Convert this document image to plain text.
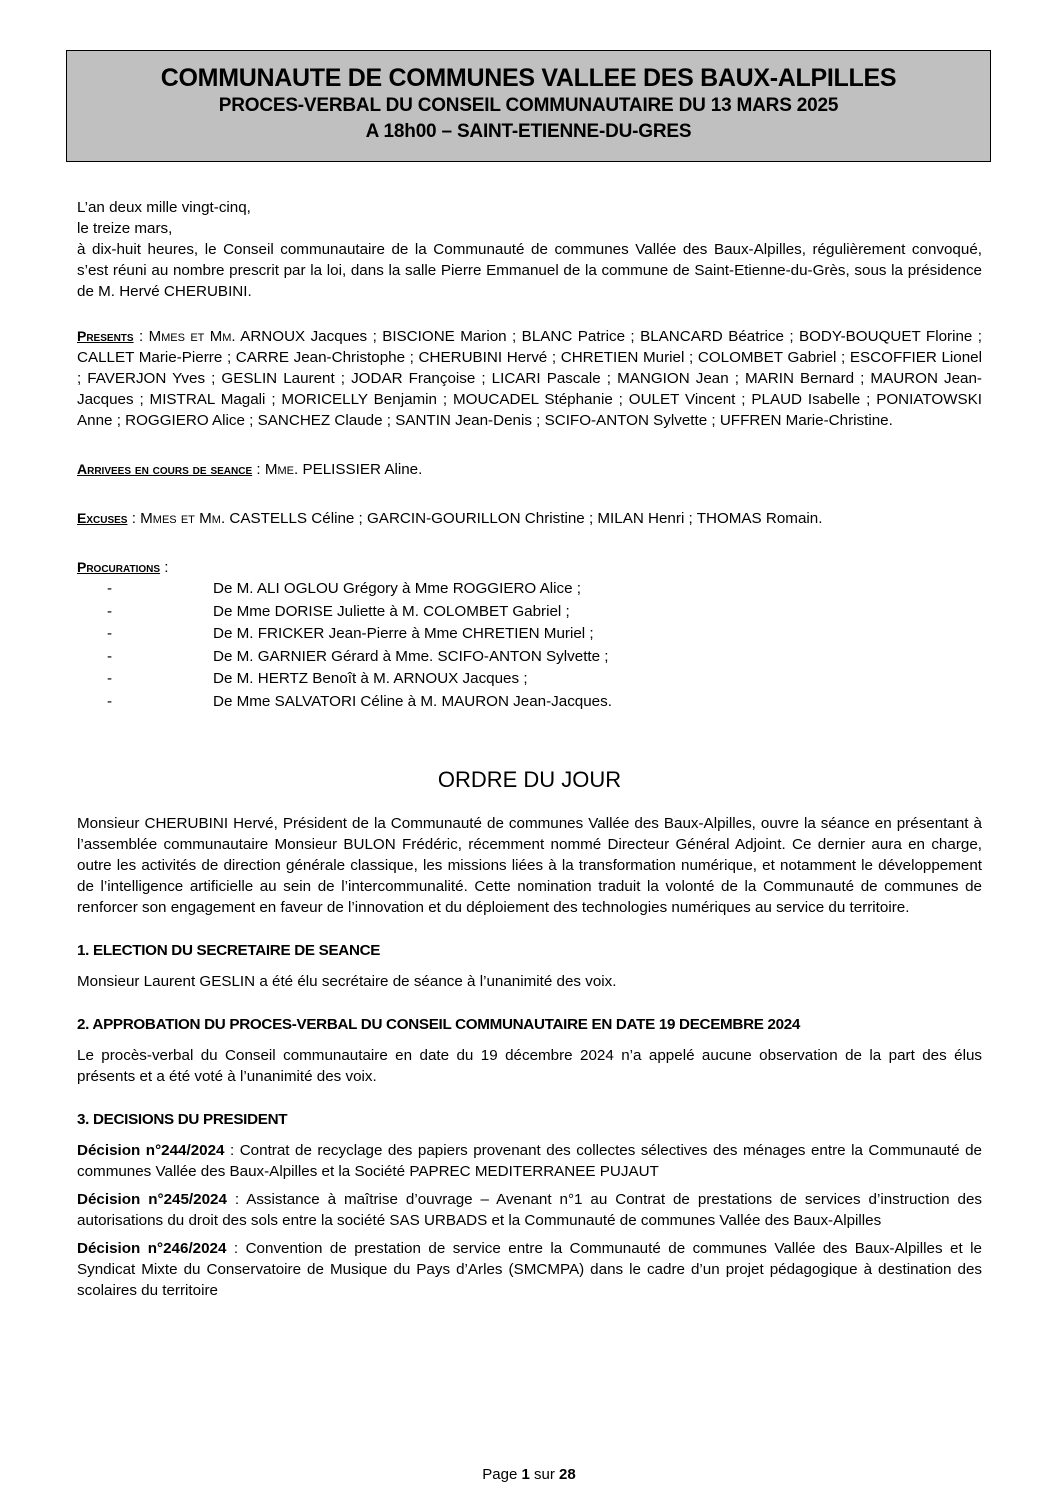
COMMUNAUTE DE COMMUNES VALLEE DES BAUX-ALPILLES
PROCES-VERBAL DU CONSEIL COMMUNAUTAIRE DU 13 MARS 2025
A 18h00 – SAINT-ETIENNE-DU-GRES

L’an deux mille vingt-cinq,

le treize mars,

à dix-huit heures, le Conseil communautaire de la Communauté de communes Vallée des Baux-Alpilles, régulièrement convoqué, s’est réuni au nombre prescrit par la loi, dans la salle Pierre Emmanuel de la commune de Saint-Etienne-du-Grès, sous la présidence de M. Hervé CHERUBINI.

Presents : Mmes et Mm. ARNOUX Jacques ; BISCIONE Marion ; BLANC Patrice ; BLANCARD Béatrice ; BODY-BOUQUET Florine ; CALLET Marie-Pierre ; CARRE Jean-Christophe ; CHERUBINI Hervé ; CHRETIEN Muriel ; COLOMBET Gabriel ; ESCOFFIER Lionel ; FAVERJON Yves ; GESLIN Laurent ; JODAR Françoise ; LICARI Pascale ; MANGION Jean ; MARIN Bernard ; MAURON Jean-Jacques ; MISTRAL Magali ; MORICELLY Benjamin ; MOUCADEL Stéphanie ; OULET Vincent ; PLAUD Isabelle ; PONIATOWSKI Anne ; ROGGIERO Alice ; SANCHEZ Claude ; SANTIN Jean-Denis ; SCIFO-ANTON Sylvette ; UFFREN Marie-Christine.

Arrivees en cours de seance : Mme. PELISSIER Aline.

Excuses : Mmes et Mm. CASTELLS Céline ; GARCIN-GOURILLON Christine ; MILAN Henri ; THOMAS Romain.

Procurations :

-	De M. ALI OGLOU Grégory à Mme ROGGIERO Alice ;
-	De Mme DORISE Juliette à M. COLOMBET Gabriel ;
-	De M. FRICKER Jean-Pierre à Mme CHRETIEN Muriel ;
-	De M. GARNIER Gérard à Mme. SCIFO-ANTON Sylvette ;
-	De M. HERTZ Benoît à M. ARNOUX Jacques ;
-	De Mme SALVATORI Céline à M. MAURON Jean-Jacques.
ORDRE DU JOUR

Monsieur CHERUBINI Hervé, Président de la Communauté de communes Vallée des Baux-Alpilles, ouvre la séance en présentant à l’assemblée communautaire Monsieur BULON Frédéric, récemment nommé Directeur Général Adjoint. Ce dernier aura en charge, outre les activités de direction générale classique, les missions liées à la transformation numérique, et notamment le développement de l’intelligence artificielle au sein de l’intercommunalité. Cette nomination traduit la volonté de la Communauté de communes de renforcer son engagement en faveur de l’innovation et du déploiement des technologies numériques au service du territoire.

1. ELECTION DU SECRETAIRE DE SEANCE

Monsieur Laurent GESLIN a été élu secrétaire de séance à l’unanimité des voix.

2. APPROBATION DU PROCES-VERBAL DU CONSEIL COMMUNAUTAIRE EN DATE 19 DECEMBRE 2024

Le procès-verbal du Conseil communautaire en date du 19 décembre 2024 n’a appelé aucune observation de la part des élus présents et a été voté à l’unanimité des voix.

3. DECISIONS DU PRESIDENT

Décision n°244/2024 : Contrat de recyclage des papiers provenant des collectes sélectives des ménages entre la Communauté de communes Vallée des Baux-Alpilles et la Société PAPREC MEDITERRANEE PUJAUT

Décision n°245/2024 : Assistance à maîtrise d’ouvrage – Avenant n°1 au Contrat de prestations de services d’instruction des autorisations du droit des sols entre la société SAS URBADS et la Communauté de communes Vallée des Baux-Alpilles

Décision n°246/2024 : Convention de prestation de service entre la Communauté de communes Vallée des Baux-Alpilles et le Syndicat Mixte du Conservatoire de Musique du Pays d’Arles (SMCMPA) dans le cadre d’un projet pédagogique à destination des scolaires du territoire

Page 1 sur 28
